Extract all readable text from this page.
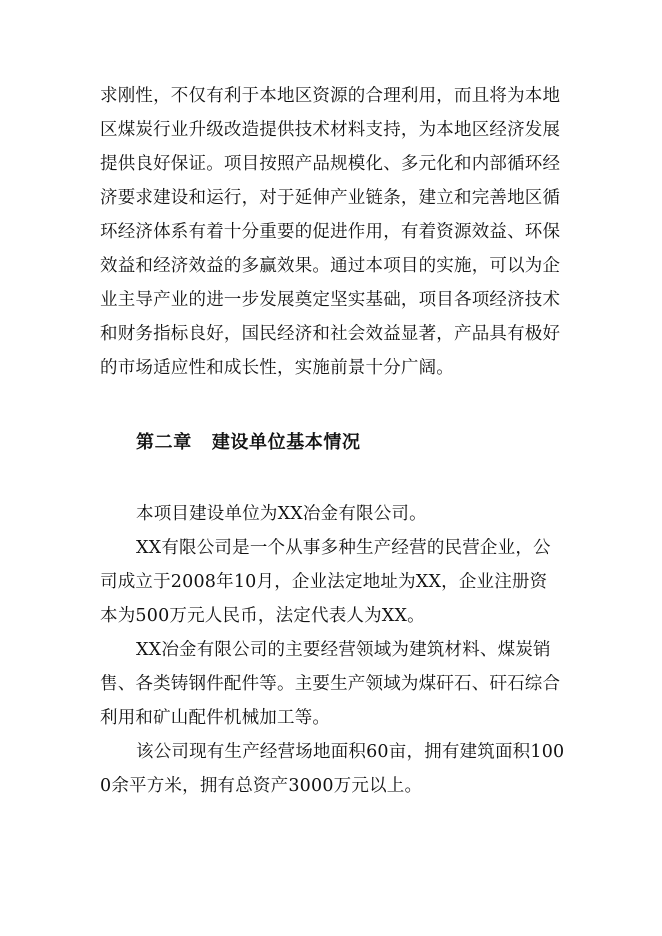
求刚性，不仅有利于本地区资源的合理利用，而且将为本地
区煤炭行业升级改造提供技术材料支持，为本地区经济发展
提供良好保证。项目按照产品规模化、多元化和内部循环经
济要求建设和运行，对于延伸产业链条，建立和完善地区循
环经济体系有着十分重要的促进作用，有着资源效益、环保
效益和经济效益的多赢效果。通过本项目的实施，可以为企
业主导产业的进一步发展奠定坚实基础，项目各项经济技术
和财务指标良好，国民经济和社会效益显著，产品具有极好
的市场适应性和成长性，实施前景十分广阔。
第二章 建设单位基本情况
本项目建设单位为XX冶金有限公司。
XX有限公司是一个从事多种生产经营的民营企业，公
司成立于2008年10月，企业法定地址为XX，企业注册资
本为500万元人民币，法定代表人为XX。
XX冶金有限公司的主要经营领域为建筑材料、煤炭销
售、各类铸钢件配件等。主要生产领域为煤矸石、矸石综合
利用和矿山配件机械加工等。
该公司现有生产经营场地面积60亩，拥有建筑面积100
0余平方米，拥有总资产3000万元以上。
